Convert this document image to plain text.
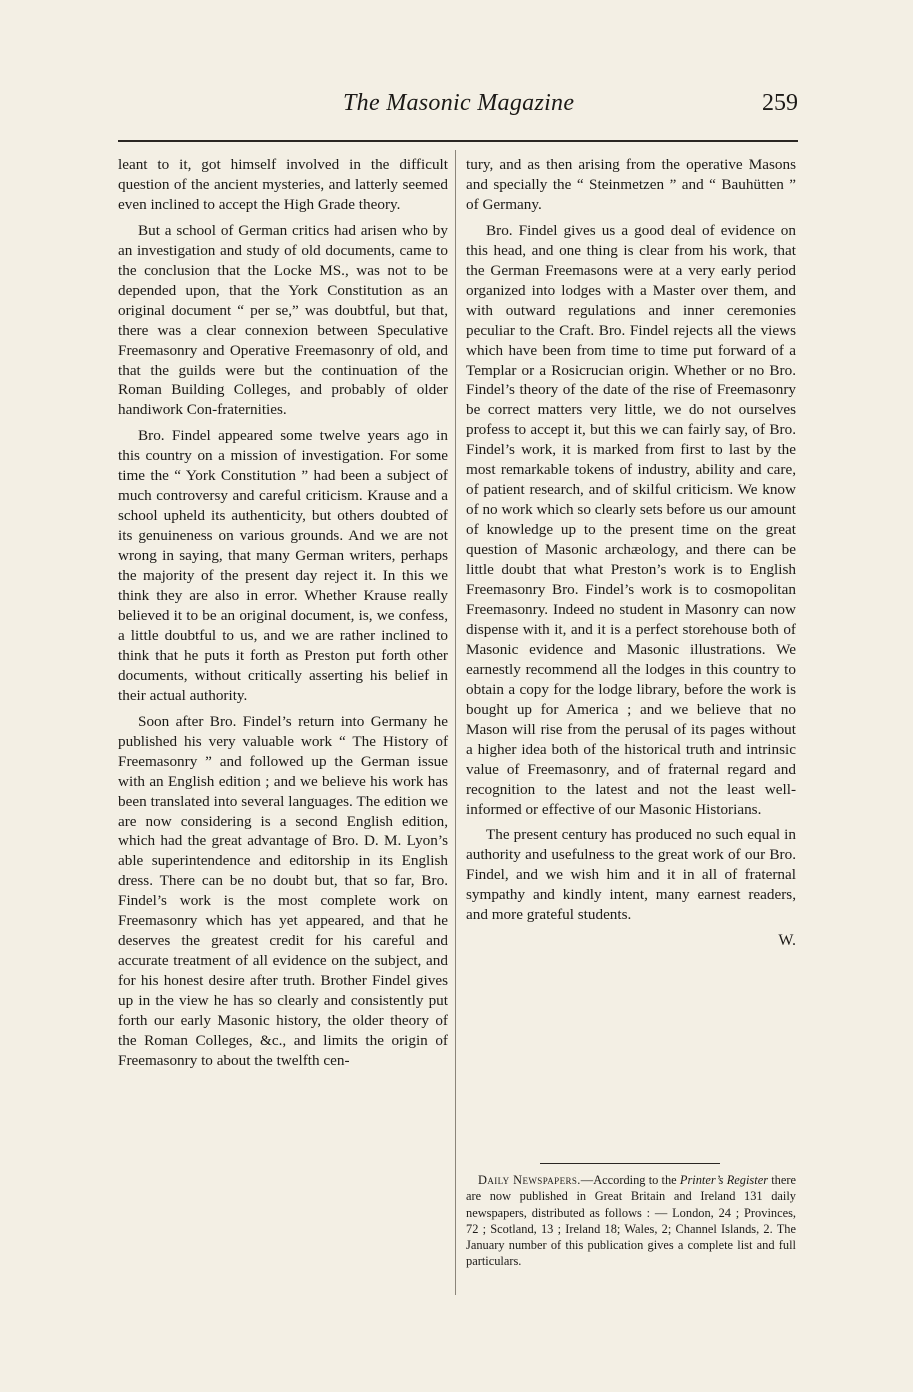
The Masonic Magazine	259

leant to it, got himself involved in the difficult question of the ancient mysteries, and latterly seemed even inclined to accept the High Grade theory.

But a school of German critics had arisen who by an investigation and study of old documents, came to the conclusion that the Locke MS., was not to be depended upon, that the York Constitution as an original document “ per se,” was doubtful, but that, there was a clear connexion between Speculative Freemasonry and Operative Freemasonry of old, and that the guilds were but the continuation of the Roman Building Colleges, and probably of older handiwork Con-fraternities.

Bro. Findel appeared some twelve years ago in this country on a mission of investigation. For some time the “ York Constitution ” had been a subject of much controversy and careful criticism. Krause and a school upheld its authenticity, but others doubted of its genuineness on various grounds. And we are not wrong in saying, that many German writers, perhaps the majority of the present day reject it. In this we think they are also in error. Whether Krause really believed it to be an original document, is, we confess, a little doubtful to us, and we are rather inclined to think that he puts it forth as Preston put forth other documents, without critically asserting his belief in their actual authority.

Soon after Bro. Findel’s return into Germany he published his very valuable work “ The History of Freemasonry ” and followed up the German issue with an English edition ; and we believe his work has been translated into several languages. The edition we are now considering is a second English edition, which had the great advantage of Bro. D. M. Lyon’s able superintendence and editorship in its English dress. There can be no doubt but, that so far, Bro. Findel’s work is the most complete work on Freemasonry which has yet appeared, and that he deserves the greatest credit for his careful and accurate treatment of all evidence on the subject, and for his honest desire after truth. Brother Findel gives up in the view he has so clearly and consistently put forth our early Masonic history, the older theory of the Roman Colleges, &c., and limits the origin of Freemasonry to about the twelfth cen-

tury, and as then arising from the operative Masons and specially the “ Steinmetzen ” and “ Bauhütten ” of Germany.

Bro. Findel gives us a good deal of evidence on this head, and one thing is clear from his work, that the German Freemasons were at a very early period organized into lodges with a Master over them, and with outward regulations and inner ceremonies peculiar to the Craft. Bro. Findel rejects all the views which have been from time to time put forward of a Templar or a Rosicrucian origin. Whether or no Bro. Findel’s theory of the date of the rise of Freemasonry be correct matters very little, we do not ourselves profess to accept it, but this we can fairly say, of Bro. Findel’s work, it is marked from first to last by the most remarkable tokens of industry, ability and care, of patient research, and of skilful criticism. We know of no work which so clearly sets before us our amount of knowledge up to the present time on the great question of Masonic archæology, and there can be little doubt that what Preston’s work is to English Freemasonry Bro. Findel’s work is to cosmopolitan Freemasonry. Indeed no student in Masonry can now dispense with it, and it is a perfect storehouse both of Masonic evidence and Masonic illustrations. We earnestly recommend all the lodges in this country to obtain a copy for the lodge library, before the work is bought up for America ; and we believe that no Mason will rise from the perusal of its pages without a higher idea both of the historical truth and intrinsic value of Freemasonry, and of fraternal regard and recognition to the latest and not the least well-informed or effective of our Masonic Historians.

The present century has produced no such equal in authority and usefulness to the great work of our Bro. Findel, and we wish him and it in all of fraternal sympathy and kindly intent, many earnest readers, and more grateful students.

W.

Daily Newspapers.—According to the Printer’s Register there are now published in Great Britain and Ireland 131 daily newspapers, distributed as follows : — London, 24 ; Provinces, 72 ; Scotland, 13 ; Ireland 18; Wales, 2; Channel Islands, 2. The January number of this publication gives a complete list and full particulars.
